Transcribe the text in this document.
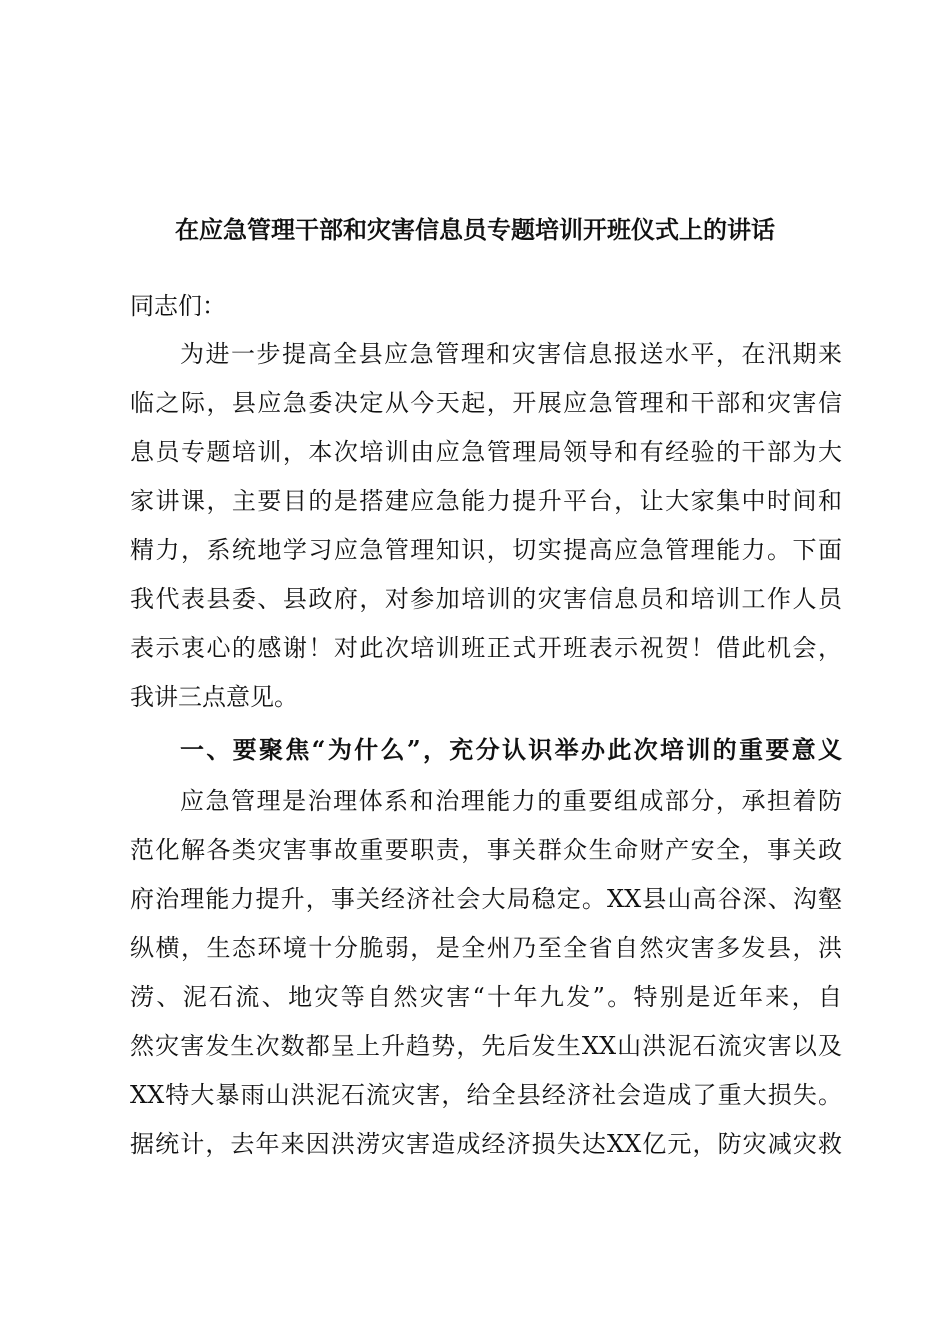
在应急管理干部和灾害信息员专题培训开班仪式上的讲话
同志们：
为进一步提高全县应急管理和灾害信息报送水平，在汛期来
临之际，县应急委决定从今天起，开展应急管理和干部和灾害信
息员专题培训，本次培训由应急管理局领导和有经验的干部为大
家讲课，主要目的是搭建应急能力提升平台，让大家集中时间和
精力，系统地学习应急管理知识，切实提高应急管理能力。下面
我代表县委、县政府，对参加培训的灾害信息员和培训工作人员
表示衷心的感谢！对此次培训班正式开班表示祝贺！借此机会，
我讲三点意见。
一、要聚焦“为什么”，充分认识举办此次培训的重要意义
应急管理是治理体系和治理能力的重要组成部分，承担着防
范化解各类灾害事故重要职责，事关群众生命财产安全，事关政
府治理能力提升，事关经济社会大局稳定。XX县山高谷深、沟壑
纵横，生态环境十分脆弱，是全州乃至全省自然灾害多发县，洪
涝、泥石流、地灾等自然灾害“十年九发”。特别是近年来，自
然灾害发生次数都呈上升趋势，先后发生XX山洪泥石流灾害以及
XX特大暴雨山洪泥石流灾害，给全县经济社会造成了重大损失。
据统计，去年来因洪涝灾害造成经济损失达XX亿元，防灾减灾救
